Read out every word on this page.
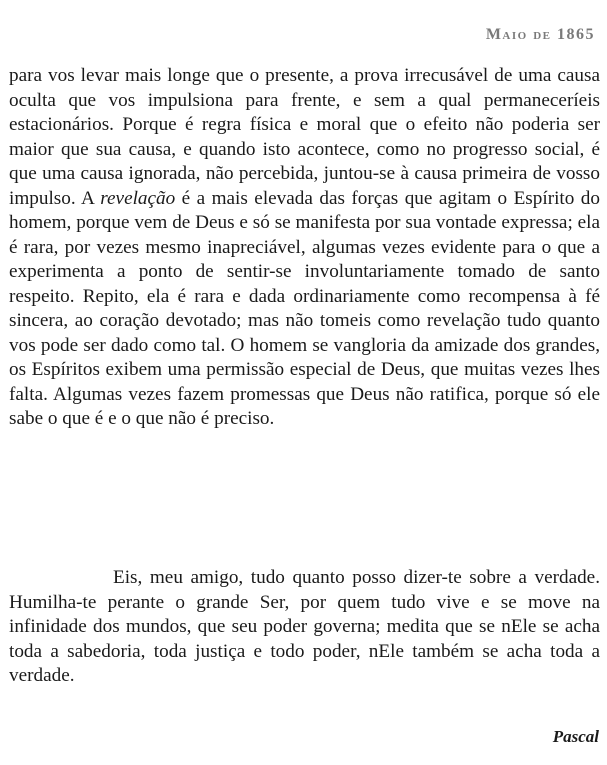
Maio de 1865
para vos levar mais longe que o presente, a prova irrecusável de uma causa oculta que vos impulsiona para frente, e sem a qual permaneceríeis estacionários. Porque é regra física e moral que o efeito não poderia ser maior que sua causa, e quando isto acontece, como no progresso social, é que uma causa ignorada, não percebida, juntou-se à causa primeira de vosso impulso. A revelação é a mais elevada das forças que agitam o Espírito do homem, porque vem de Deus e só se manifesta por sua vontade expressa; ela é rara, por vezes mesmo inapreciável, algumas vezes evidente para o que a experimenta a ponto de sentir-se involuntariamente tomado de santo respeito. Repito, ela é rara e dada ordinariamente como recompensa à fé sincera, ao coração devotado; mas não tomeis como revelação tudo quanto vos pode ser dado como tal. O homem se vangloria da amizade dos grandes, os Espíritos exibem uma permissão especial de Deus, que muitas vezes lhes falta. Algumas vezes fazem promessas que Deus não ratifica, porque só ele sabe o que é e o que não é preciso.
Eis, meu amigo, tudo quanto posso dizer-te sobre a verdade. Humilha-te perante o grande Ser, por quem tudo vive e se move na infinidade dos mundos, que seu poder governa; medita que se nEle se acha toda a sabedoria, toda justiça e todo poder, nEle também se acha toda a verdade.
Pascal
